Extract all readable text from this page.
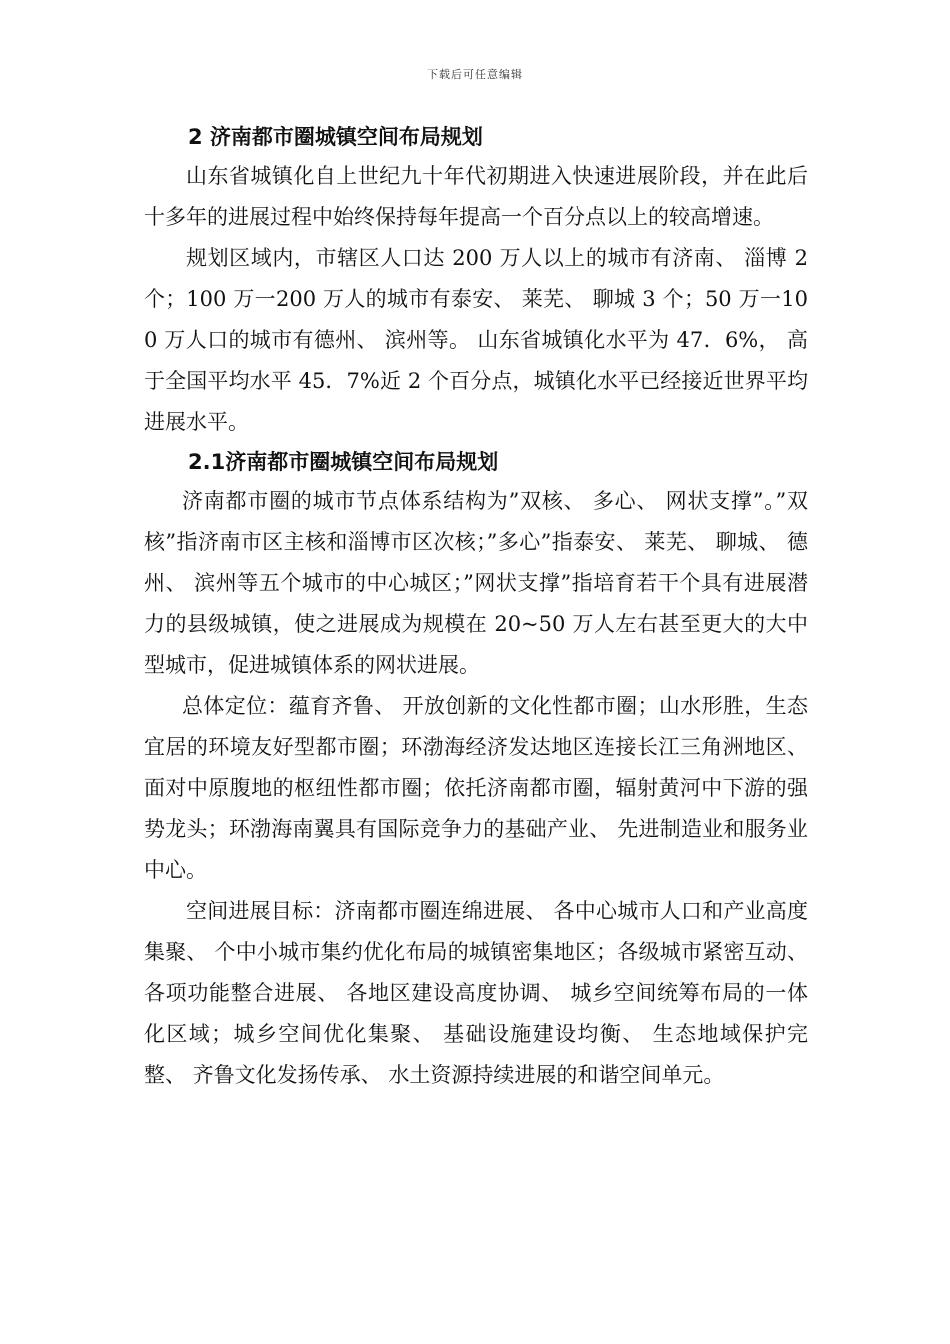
下载后可任意编辑
2 济南都市圈城镇空间布局规划

山东省城镇化自上世纪九十年代初期进入快速进展阶段，并在此后十多年的进展过程中始终保持每年提高一个百分点以上的较高增速。

规划区域内，市辖区人口达 200 万人以上的城市有济南、 淄博 2 个；100 万一200 万人的城市有泰安、 莱芜、 聊城 3 个；50 万一100 万人口的城市有德州、 滨州等。 山东省城镇化水平为 47．6%， 高于全国平均水平 45．7%近 2 个百分点，城镇化水平已经接近世界平均进展水平。

2.1济南都市圈城镇空间布局规划

济南都市圈的城市节点体系结构为”双核、 多心、 网状支撑”。”双核”指济南市区主核和淄博市区次核；”多心”指泰安、 莱芜、 聊城、 德州、 滨州等五个城市的中心城区；”网状支撑”指培育若干个具有进展潜力的县级城镇，使之进展成为规模在 20~50 万人左右甚至更大的大中型城市，促进城镇体系的网状进展。

总体定位：蕴育齐鲁、 开放创新的文化性都市圈；山水形胜，生态宜居的环境友好型都市圈；环渤海经济发达地区连接长江三角洲地区、 面对中原腹地的枢纽性都市圈；依托济南都市圈，辐射黄河中下游的强势龙头；环渤海南翼具有国际竞争力的基础产业、 先进制造业和服务业中心。

空间进展目标：济南都市圈连绵进展、 各中心城市人口和产业高度集聚、 个中小城市集约优化布局的城镇密集地区；各级城市紧密互动、 各项功能整合进展、 各地区建设高度协调、 城乡空间统筹布局的一体化区域；城乡空间优化集聚、 基础设施建设均衡、 生态地域保护完整、 齐鲁文化发扬传承、 水土资源持续进展的和谐空间单元。
